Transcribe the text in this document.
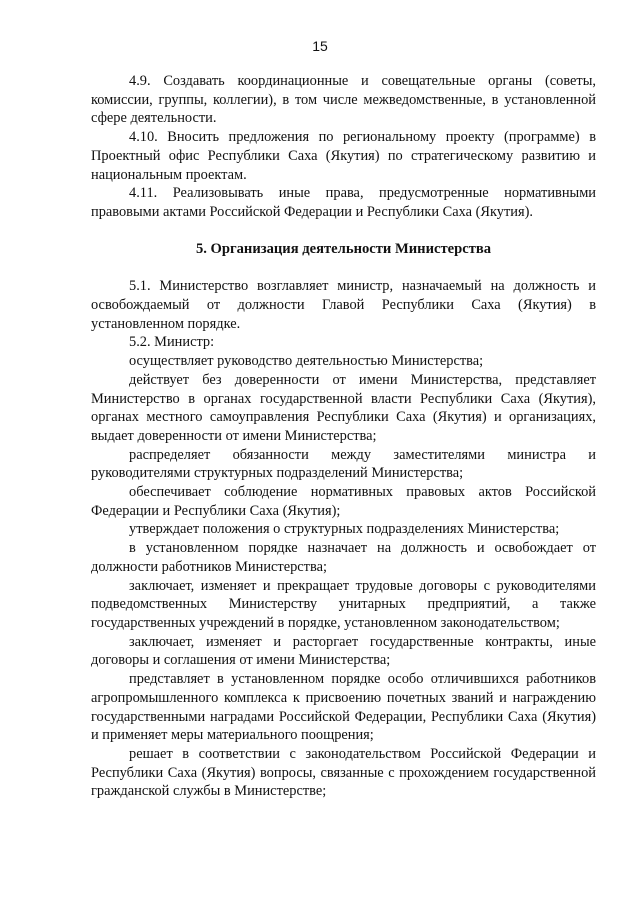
15

4.9. Создавать координационные и совещательные органы (советы, комиссии, группы, коллегии), в том числе межведомственные, в установленной сфере деятельности.

4.10. Вносить предложения по региональному проекту (программе) в Проектный офис Республики Саха (Якутия) по стратегическому развитию и национальным проектам.

4.11. Реализовывать иные права, предусмотренные нормативными правовыми актами Российской Федерации и Республики Саха (Якутия).

5. Организация деятельности Министерства

5.1. Министерство возглавляет министр, назначаемый на должность и освобождаемый от должности Главой Республики Саха (Якутия) в установленном порядке.

5.2. Министр:

осуществляет руководство деятельностью Министерства;

действует без доверенности от имени Министерства, представляет Министерство в органах государственной власти Республики Саха (Якутия), органах местного самоуправления Республики Саха (Якутия) и организациях, выдает доверенности от имени Министерства;

распределяет обязанности между заместителями министра и руководителями структурных подразделений Министерства;

обеспечивает соблюдение нормативных правовых актов Российской Федерации и Республики Саха (Якутия);

утверждает положения о структурных подразделениях Министерства;

в установленном порядке назначает на должность и освобождает от должности работников Министерства;

заключает, изменяет и прекращает трудовые договоры с руководителями подведомственных Министерству унитарных предприятий, а также государственных учреждений в порядке, установленном законодательством;

заключает, изменяет и расторгает государственные контракты, иные договоры и соглашения от имени Министерства;

представляет в установленном порядке особо отличившихся работников агропромышленного комплекса к присвоению почетных званий и награждению государственными наградами Российской Федерации, Республики Саха (Якутия) и применяет меры материального поощрения;

решает в соответствии с законодательством Российской Федерации и Республики Саха (Якутия) вопросы, связанные с прохождением государственной гражданской службы в Министерстве;
